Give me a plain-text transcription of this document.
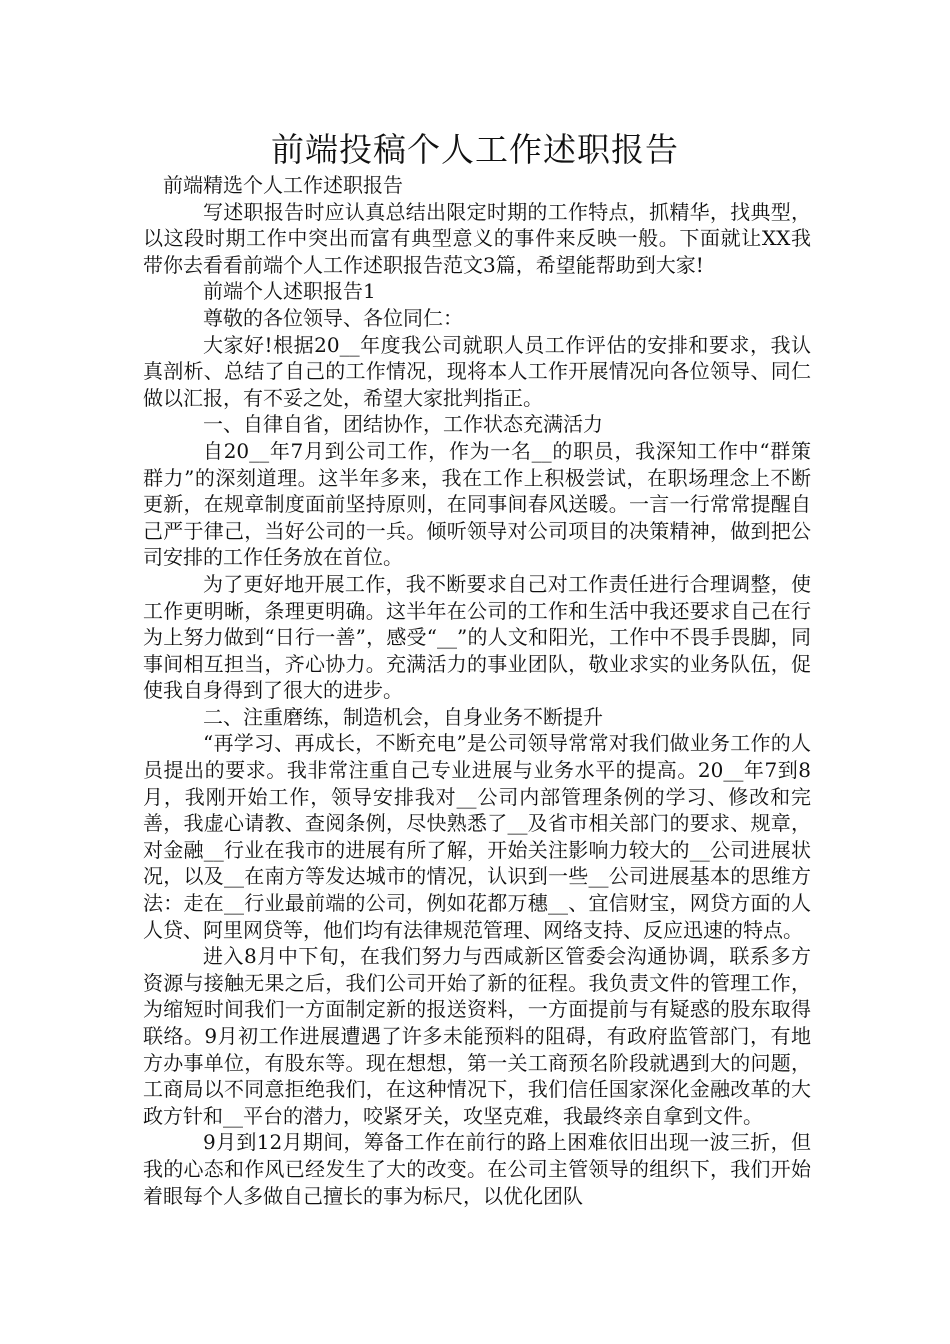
前端投稿个人工作述职报告

前端精选个人工作述职报告

写述职报告时应认真总结出限定时期的工作特点，抓精华，找典型，以这段时期工作中突出而富有典型意义的事件来反映一般。下面就让XX我带你去看看前端个人工作述职报告范文3篇，希望能帮助到大家!

前端个人述职报告1

尊敬的各位领导、各位同仁：

大家好!根据20__年度我公司就职人员工作评估的安排和要求，我认真剖析、总结了自己的工作情况，现将本人工作开展情况向各位领导、同仁做以汇报，有不妥之处，希望大家批判指正。

一、自律自省，团结协作，工作状态充满活力

自20__年7月到公司工作，作为一名__的职员，我深知工作中“群策群力”的深刻道理。这半年多来，我在工作上积极尝试，在职场理念上不断更新，在规章制度面前坚持原则，在同事间春风送暖。一言一行常常提醒自己严于律己，当好公司的一兵。倾听领导对公司项目的决策精神，做到把公司安排的工作任务放在首位。

为了更好地开展工作，我不断要求自己对工作责任进行合理调整，使工作更明晰，条理更明确。这半年在公司的工作和生活中我还要求自己在行为上努力做到“日行一善”，感受“__”的人文和阳光，工作中不畏手畏脚，同事间相互担当，齐心协力。充满活力的事业团队，敬业求实的业务队伍，促使我自身得到了很大的进步。

二、注重磨练，制造机会，自身业务不断提升

“再学习、再成长，不断充电”是公司领导常常对我们做业务工作的人员提出的要求。我非常注重自己专业进展与业务水平的提高。20__年7到8月，我刚开始工作，领导安排我对__公司内部管理条例的学习、修改和完善，我虚心请教、查阅条例，尽快熟悉了__及省市相关部门的要求、规章，对金融__行业在我市的进展有所了解，开始关注影响力较大的__公司进展状况，以及__在南方等发达城市的情况，认识到一些__公司进展基本的思维方法：走在__行业最前端的公司，例如花都万穗__、宜信财宝，网贷方面的人人贷、阿里网贷等，他们均有法律规范管理、网络支持、反应迅速的特点。

进入8月中下旬，在我们努力与西咸新区管委会沟通协调，联系多方资源与接触无果之后，我们公司开始了新的征程。我负责文件的管理工作，为缩短时间我们一方面制定新的报送资料，一方面提前与有疑惑的股东取得联络。9月初工作进展遭遇了许多未能预料的阻碍，有政府监管部门，有地方办事单位，有股东等。现在想想，第一关工商预名阶段就遇到大的问题，工商局以不同意拒绝我们，在这种情况下，我们信任国家深化金融改革的大政方针和__平台的潜力，咬紧牙关，攻坚克难，我最终亲自拿到文件。

9月到12月期间，筹备工作在前行的路上困难依旧出现一波三折，但我的心态和作风已经发生了大的改变。在公司主管领导的组织下，我们开始着眼每个人多做自己擅长的事为标尺，以优化团队
